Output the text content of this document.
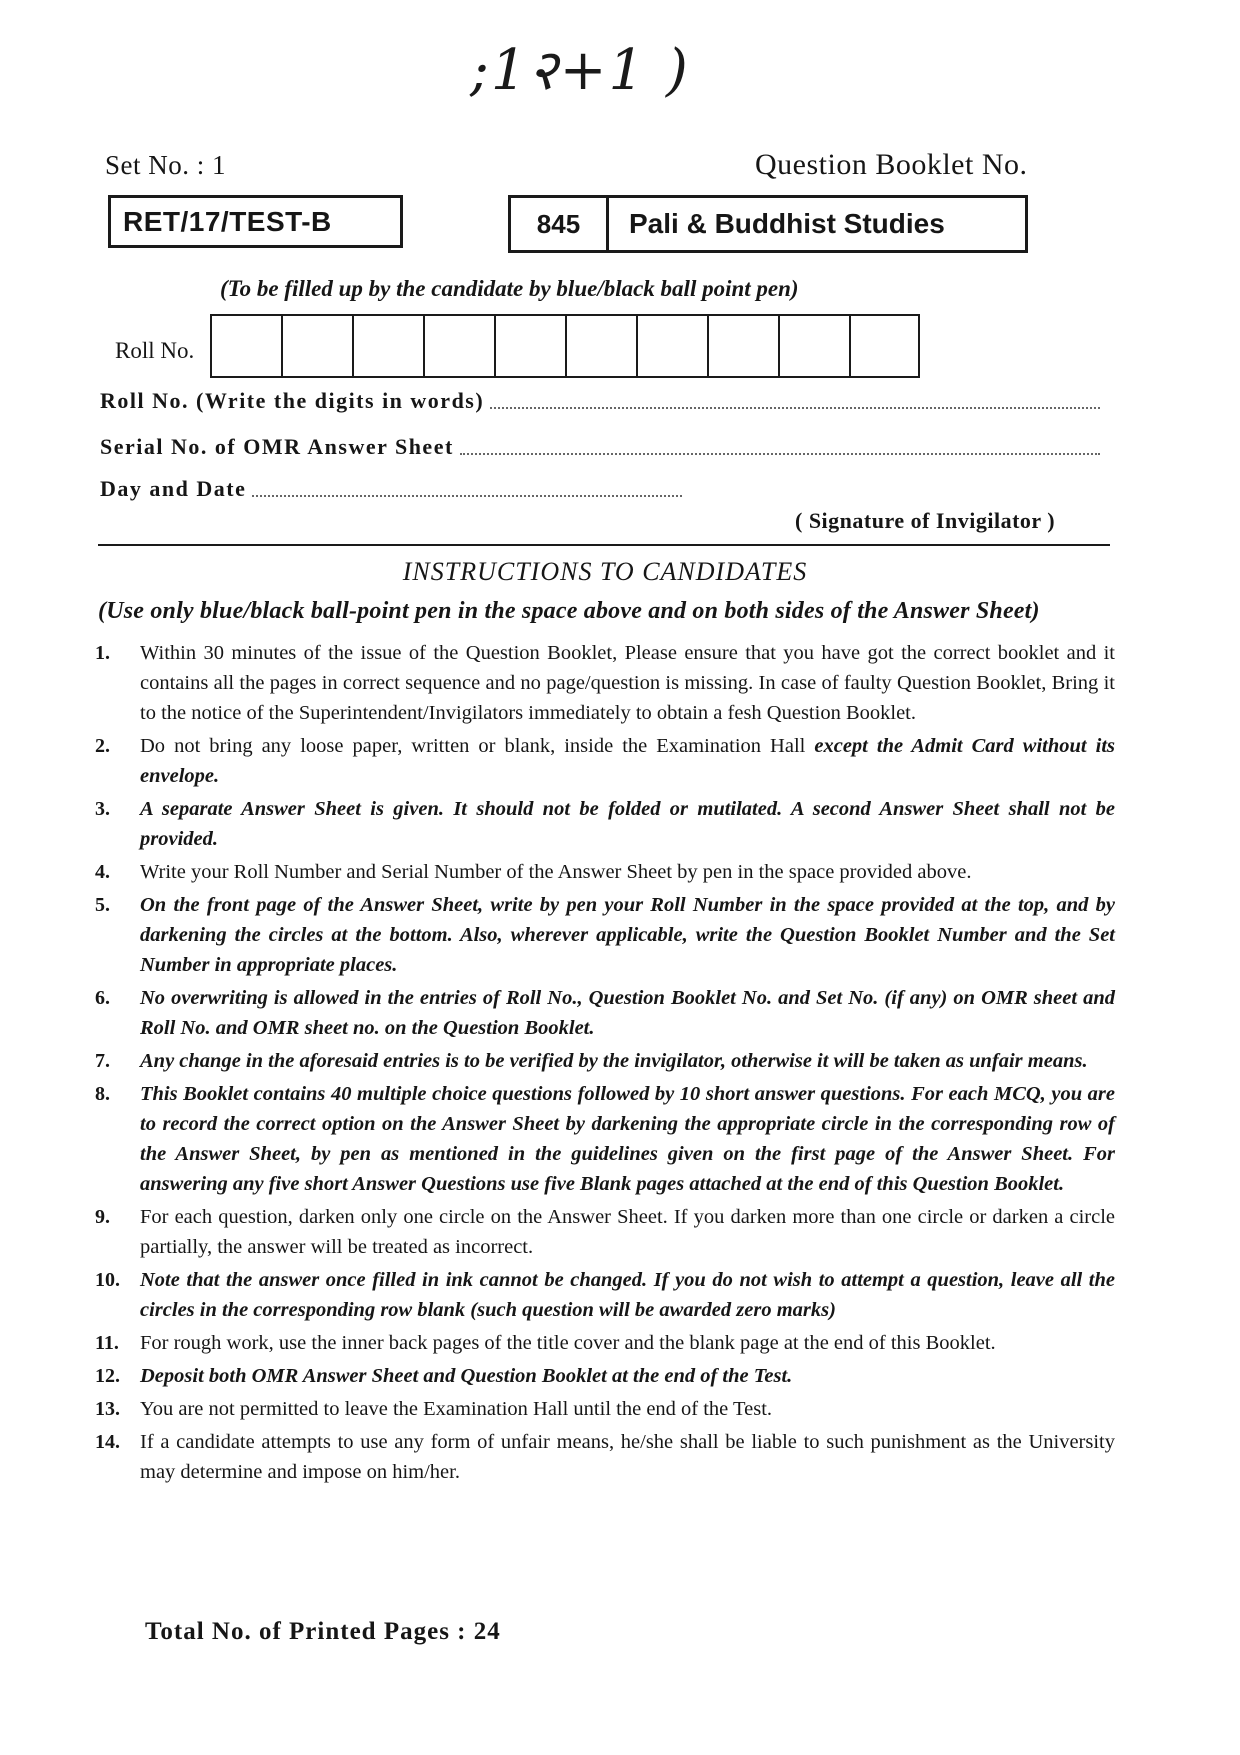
;1२+1 )
Set No. : 1	Question Booklet No.
RET/17/TEST-B	845	Pali & Buddhist Studies
(To be filled up by the candidate by blue/black ball point pen)
Roll No.
Roll No. (Write the digits in words)
Serial No. of OMR Answer Sheet
Day and Date
( Signature of Invigilator )
INSTRUCTIONS TO CANDIDATES
(Use only blue/black ball-point pen in the space above and on both sides of the Answer Sheet)
1. Within 30 minutes of the issue of the Question Booklet, Please ensure that you have got the correct booklet and it contains all the pages in correct sequence and no page/question is missing. In case of faulty Question Booklet, Bring it to the notice of the Superintendent/Invigilators immediately to obtain a fesh Question Booklet.
2. Do not bring any loose paper, written or blank, inside the Examination Hall except the Admit Card without its envelope.
3. A separate Answer Sheet is given. It should not be folded or mutilated. A second Answer Sheet shall not be provided.
4. Write your Roll Number and Serial Number of the Answer Sheet by pen in the space provided above.
5. On the front page of the Answer Sheet, write by pen your Roll Number in the space provided at the top, and by darkening the circles at the bottom. Also, wherever applicable, write the Question Booklet Number and the Set Number in appropriate places.
6. No overwriting is allowed in the entries of Roll No., Question Booklet No. and Set No. (if any) on OMR sheet and Roll No. and OMR sheet no. on the Question Booklet.
7. Any change in the aforesaid entries is to be verified by the invigilator, otherwise it will be taken as unfair means.
8. This Booklet contains 40 multiple choice questions followed by 10 short answer questions. For each MCQ, you are to record the correct option on the Answer Sheet by darkening the appropriate circle in the corresponding row of the Answer Sheet, by pen as mentioned in the guidelines given on the first page of the Answer Sheet. For answering any five short Answer Questions use five Blank pages attached at the end of this Question Booklet.
9. For each question, darken only one circle on the Answer Sheet. If you darken more than one circle or darken a circle partially, the answer will be treated as incorrect.
10. Note that the answer once filled in ink cannot be changed. If you do not wish to attempt a question, leave all the circles in the corresponding row blank (such question will be awarded zero marks)
11. For rough work, use the inner back pages of the title cover and the blank page at the end of this Booklet.
12. Deposit both OMR Answer Sheet and Question Booklet at the end of the Test.
13. You are not permitted to leave the Examination Hall until the end of the Test.
14. If a candidate attempts to use any form of unfair means, he/she shall be liable to such punishment as the University may determine and impose on him/her.
Total No. of Printed Pages : 24
